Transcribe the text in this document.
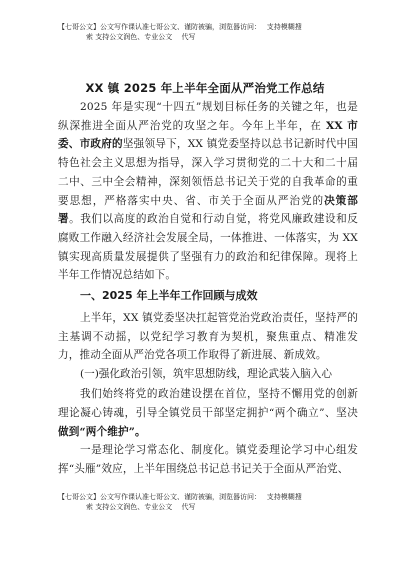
【七哥公文】公文写作课认准七哥公文、谨防被骗，浏览器访问：　 支持模糊搜
索 支持公文润色、专业公文　 代写
XX 镇 2025 年上半年全面从严治党工作总结

2025 年是实现“十四五”规划目标任务的关键之年，也是纵深推进全面从严治党的攻坚之年。今年上半年，在 XX 市委、市政府的坚强领导下，XX 镇党委坚持以总书记新时代中国特色社会主义思想为指导，深入学习贯彻党的二十大和二十届二中、三中全会精神，深刻领悟总书记关于党的自我革命的重要思想，严格落实中央、省、市关于全面从严治党的决策部署。我们以高度的政治自觉和行动自觉，将党风廉政建设和反腐败工作融入经济社会发展全局，一体推进、一体落实，为 XX 镇实现高质量发展提供了坚强有力的政治和纪律保障。现将上半年工作情况总结如下。

一、2025 年上半年工作回顾与成效

上半年，XX 镇党委坚决扛起管党治党政治责任，坚持严的主基调不动摇，以党纪学习教育为契机，聚焦重点、精准发力，推动全面从严治党各项工作取得了新进展、新成效。

(一)强化政治引领，筑牢思想防线，理论武装入脑入心

我们始终将党的政治建设摆在首位，坚持不懈用党的创新理论凝心铸魂，引导全镇党员干部坚定拥护“两个确立”、坚决做到“两个维护”。

一是理论学习常态化、制度化。镇党委理论学习中心组发挥“头雁”效应，上半年围绕总书记总书记关于全面从严治党、

【七哥公文】公文写作课认准七哥公文、谨防被骗，浏览器访问：　 支持模糊搜
索 支持公文润色、专业公文　 代写
